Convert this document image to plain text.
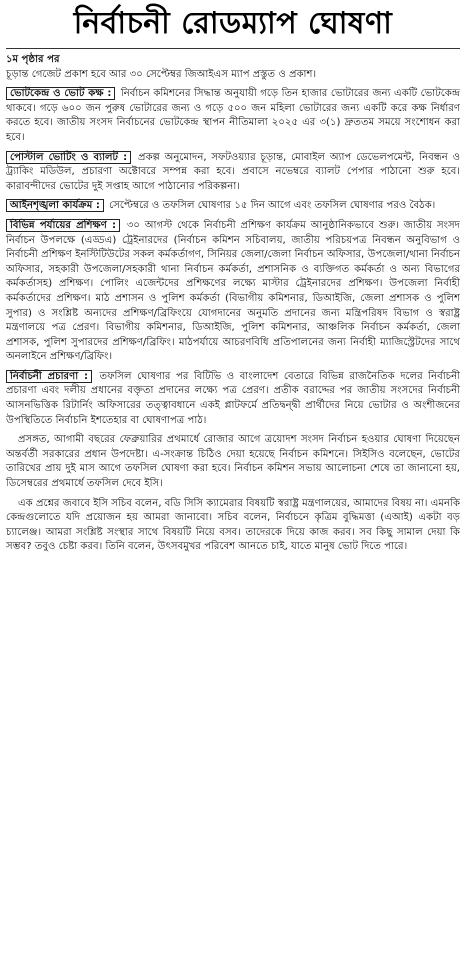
নির্বাচনী রোডম্যাপ ঘোষণা

১ম পৃষ্ঠার পর
চূড়ান্ত গেজেট প্রকাশ হবে আর ৩০ সেপ্টেম্বর জিআইএস ম্যাপ প্রস্তুত ও প্রকাশ।

ভোটকেন্দ্র ও ভোট কক্ষ : নির্বাচন কমিশনের সিদ্ধান্ত অনুযায়ী গড়ে তিন হাজার ভোটারের জন্য একটি ভোটকেন্দ্র থাকবে। গড়ে ৬০০ জন পুরুষ ভোটারের জন্য ও গড়ে ৫০০ জন মহিলা ভোটারের জন্য একটি করে কক্ষ নির্ধারণ করতে হবে। জাতীয় সংসদ নির্বাচনের ভোটকেন্দ্র স্থাপন নীতিমালা ২০২৫ এর ৩(১) দ্রুততম সময়ে সংশোধন করা হবে।

পোস্টাল ভোটিং ও ব্যালট : প্রকল্প অনুমোদন, সফটওয়্যার চূড়ান্ত, মোবাইল অ্যাপ ডেভেলপমেন্ট, নিবন্ধন ও ট্র্যাকিং মডিউল, প্রচারণা অক্টোবরে সম্পন্ন করা হবে। প্রবাসে নভেম্বরে ব্যালট পেপার পাঠানো শুরু হবে। কারাবন্দীদের ভোটের দুই সপ্তাহ আগে পাঠানোর পরিকল্পনা।

আইনশৃঙ্খলা কার্যক্রম : সেপ্টেম্বরে ও তফসিল ঘোষণার ১৫ দিন আগে এবং তফসিল ঘোষণার পরও বৈঠক।

বিভিন্ন পর্যায়ের প্রশিক্ষণ : ৩০ আগস্ট থেকে নির্বাচনী প্রশিক্ষণ কার্যক্রম আনুষ্ঠানিকভাবে শুরু। জাতীয় সংসদ নির্বাচন উপলক্ষে (এড্ডএ) ট্রেইনারদের (নির্বাচন কমিশন সচিবালয়, জাতীয় পরিচয়পত্র নিবন্ধন অনুবিভাগ ও নির্বাচনী প্রশিক্ষণ ইনস্টিটিউটের সকল কর্মকর্তাগণ, সিনিয়র জেলা/জেলা নির্বাচন অফিসার, উপজেলা/থানা নির্বাচন অফিসার, সহকারী উপজেলা/সহকারী থানা নির্বাচন কর্মকর্তা, প্রশাসনিক ও ব্যক্তিগত কর্মকর্তা ও অন্য বিভাগের কর্মকর্তাসহ) প্রশিক্ষণ। পোলিং এজেন্টদের প্রশিক্ষণের লক্ষ্যে মাস্টার ট্রেইনারদের প্রশিক্ষণ। উপজেলা নির্বাহী কর্মকর্তাদের প্রশিক্ষণ। মাঠ প্রশাসন ও পুলিশ কর্মকর্তা (বিভাগীয় কমিশনার, ডিআইজি, জেলা প্রশাসক ও পুলিশ সুপার) ও সংশ্লিষ্ট অন্যদের প্রশিক্ষণ/ব্রিফিংয়ে যোগদানের অনুমতি প্রদানের জন্য মন্ত্রিপরিষদ বিভাগ ও স্বরাষ্ট্র মন্ত্রণালয়ে পত্র প্রেরণ। বিভাগীয় কমিশনার, ডিআইজি, পুলিশ কমিশনার, আঞ্চলিক নির্বাচন কর্মকর্তা, জেলা প্রশাসক, পুলিশ সুপারদের প্রশিক্ষণ/ব্রিফিং। মাঠপর্যায়ে আচরণবিধি প্রতিপালনের জন্য নির্বাহী ম্যাজিস্ট্রেটদের সাথে অনলাইনে প্রশিক্ষণ/ব্রিফিং।

নির্বাচনী প্রচারণা : তফসিল ঘোষণার পর বিটিভি ও বাংলাদেশ বেতারে বিভিন্ন রাজনৈতিক দলের নির্বাচনী প্রচারণা এবং দলীয় প্রধানের বক্তৃতা প্রদানের লক্ষ্যে পত্র প্রেরণ। প্রতীক বরাদ্দের পর জাতীয় সংসদের নির্বাচনী আসনভিত্তিক রিটার্নিং অফিসারের তত্ত্বাবধানে একই প্লাটফর্মে প্রতিদ্বন্দ্বী প্রার্থীদের নিয়ে ভোটার ও অংশীজনের উপস্থিতিতে নির্বাচনি ইশতেহার বা ঘোষণাপত্র পাঠ।

প্রসঙ্গত, আগামী বছরের ফেব্রুয়ারির প্রথমার্ধে রোজার আগে ত্রয়োদশ সংসদ নির্বাচন হওয়ার ঘোষণা দিয়েছেন অন্তর্বর্তী সরকারের প্রধান উপদেষ্টা। এ-সংক্রান্ত চিঠিও দেয়া হয়েছে নির্বাচন কমিশনে। সিইসিও বলেছেন, ভোটের তারিখের প্রায় দুই মাস আগে তফসিল ঘোষণা করা হবে। নির্বাচন কমিশন সভায় আলোচনা শেষে তা জানানো হয়, ডিসেম্বরের প্রথমার্ধে তফসিল দেবে ইসি।

এক প্রশ্নের জবাবে ইসি সচিব বলেন, বডি সিসি ক্যামেরার বিষয়টি স্বরাষ্ট্র মন্ত্রণালয়ের, আমাদের বিষয় না। এমনকি কেন্দ্রগুলোতে যদি প্রয়োজন হয় আমরা জানাবো। সচিব বলেন, নির্বাচনে কৃত্রিম বুদ্ধিমত্তা (এআই) একটা বড় চ্যালেঞ্জ। আমরা সংশ্লিষ্ট সংস্থার সাথে বিষয়টি নিয়ে বসব। তাদেরকে দিয়ে কাজ করব। সব কিছু সামাল দেয়া কি সম্ভব? তবুও চেষ্টা করব। তিনি বলেন, উৎসবমুখর পরিবেশ আনতে চাই, যাতে মানুষ ভোট দিতে পারে।
